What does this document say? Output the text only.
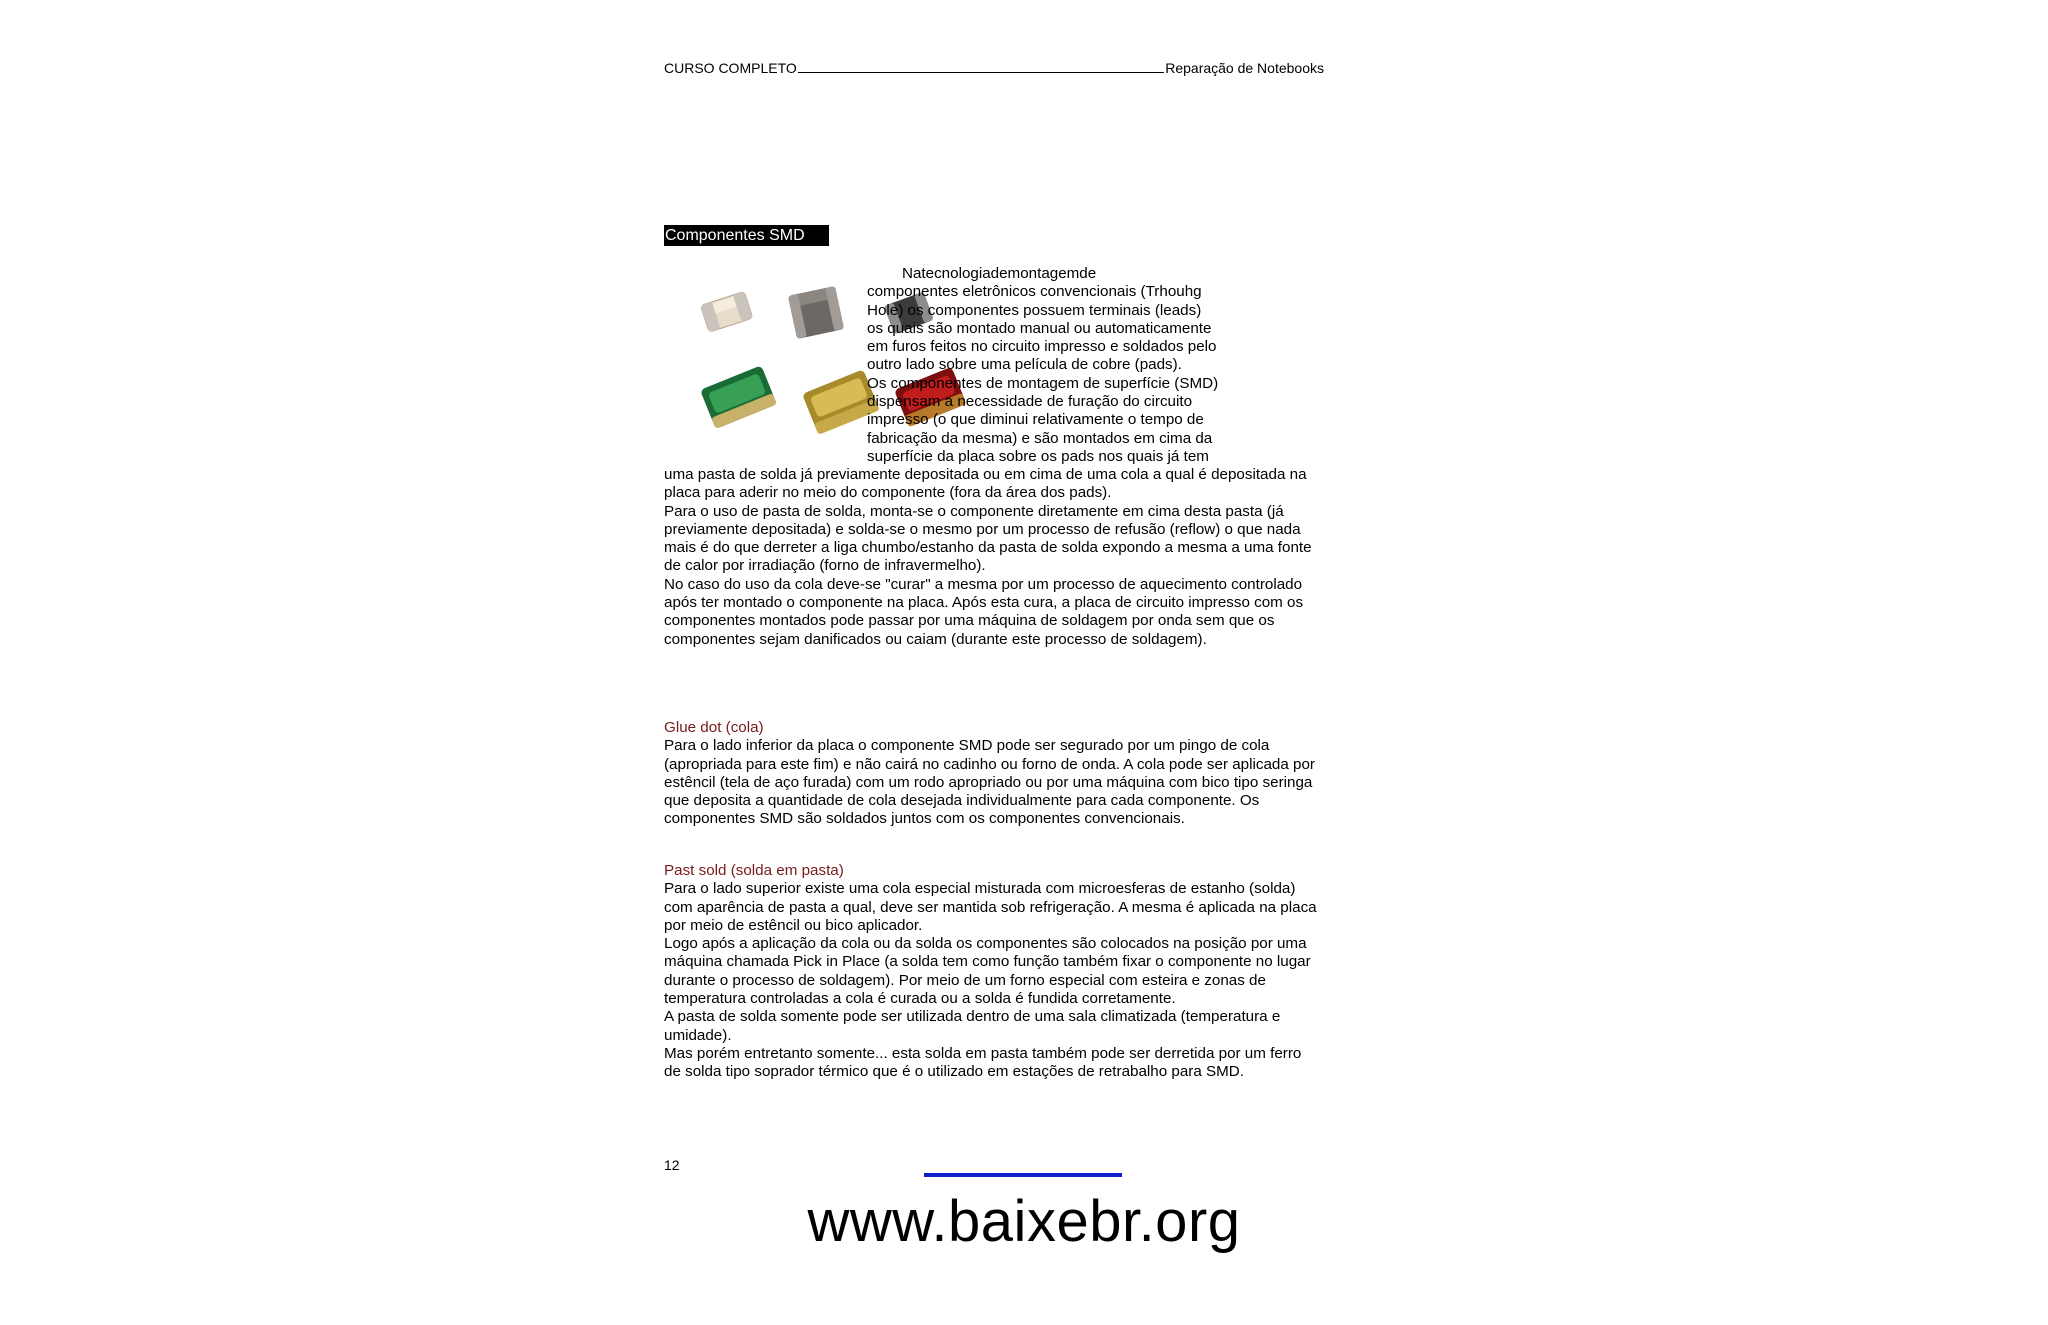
CURSO COMPLETO	Reparação de Notebooks
Componentes SMD

Natecnologiademontagemde

componentes eletrônicos convencionais (Trhouhg

Hole) os componentes possuem terminais (leads)

os quais são montado manual ou automaticamente

em furos feitos no circuito impresso e soldados pelo

outro lado sobre uma película de cobre (pads).

Os componentes de montagem de superfície (SMD)

dispensam a necessidade de furação do circuito

impresso (o que diminui relativamente o tempo de

fabricação da mesma) e são montados em cima da

superfície da placa sobre os pads nos quais já tem

uma pasta de solda já previamente depositada ou em cima de uma cola a qual é depositada na

placa para aderir no meio do componente (fora da área dos pads).

Para o uso de pasta de solda, monta-se o componente diretamente em cima desta pasta (já

previamente depositada) e solda-se o mesmo por um processo de refusão (reflow) o que nada

mais é do que derreter a liga chumbo/estanho da pasta de solda expondo a mesma a uma fonte

de calor por irradiação (forno de infravermelho).

No caso do uso da cola deve-se "curar" a mesma por um processo de aquecimento controlado

após ter montado o componente na placa. Após esta cura, a placa de circuito impresso com os

componentes montados pode passar por uma máquina de soldagem por onda sem que os

componentes sejam danificados ou caiam (durante este processo de soldagem).

Glue dot (cola)

Para o lado inferior da placa o componente SMD pode ser segurado por um pingo de cola

(apropriada para este fim) e não cairá no cadinho ou forno de onda. A cola pode ser aplicada por

estêncil (tela de aço furada) com um rodo apropriado ou por uma máquina com bico tipo seringa

que deposita a quantidade de cola desejada individualmente para cada componente. Os

componentes SMD são soldados juntos com os componentes convencionais.

Past sold (solda em pasta)

Para o lado superior existe uma cola especial misturada com microesferas de estanho (solda)

com aparência de pasta a qual, deve ser mantida sob refrigeração. A mesma é aplicada na placa

por meio de estêncil ou bico aplicador.

Logo após a aplicação da cola ou da solda os componentes são colocados na posição por uma

máquina chamada Pick in Place (a solda tem como função também fixar o componente no lugar

durante o processo de soldagem). Por meio de um forno especial com esteira e zonas de

temperatura controladas a cola é curada ou a solda é fundida corretamente.

A pasta de solda somente pode ser utilizada dentro de uma sala climatizada (temperatura e

umidade).

Mas porém entretanto somente... esta solda em pasta também pode ser derretida por um ferro

de solda tipo soprador térmico que é o utilizado em estações de retrabalho para SMD.

12
www.baixebr.org
